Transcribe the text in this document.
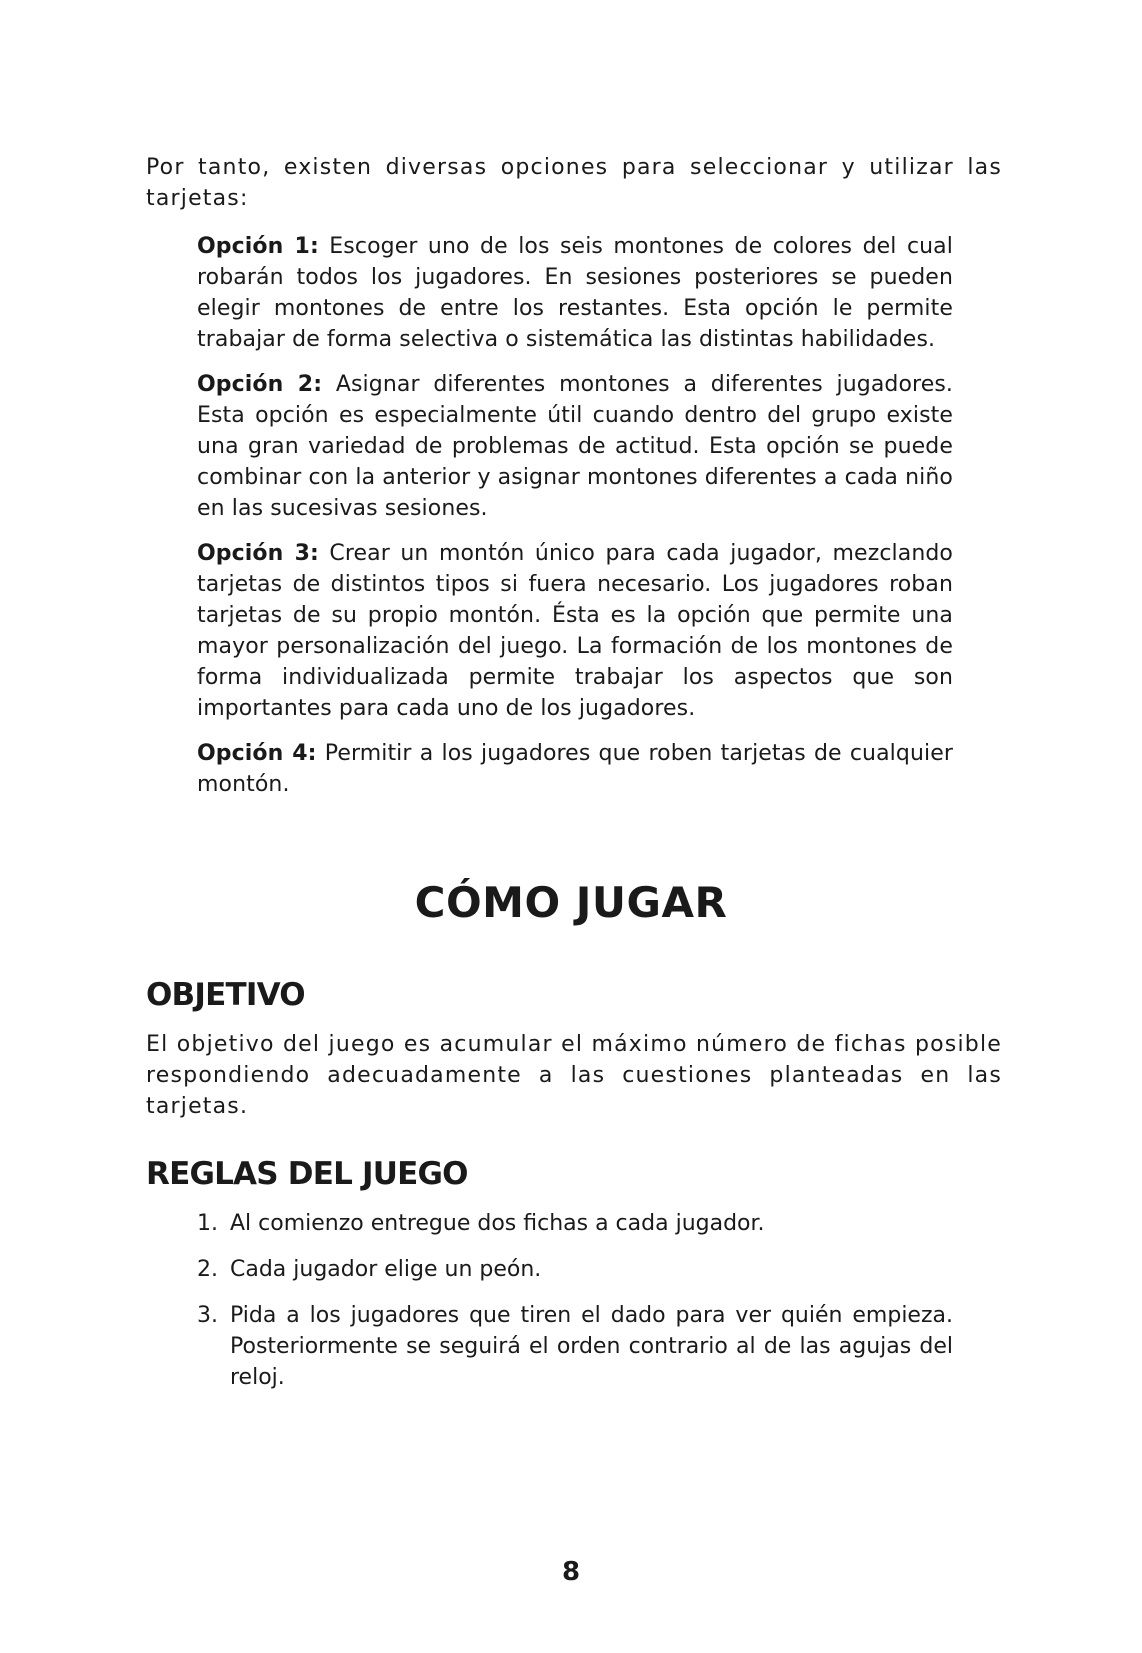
Por tanto, existen diversas opciones para seleccionar y utilizar las tarjetas:

Opción 1: Escoger uno de los seis montones de colores del cual robarán todos los jugadores. En sesiones posteriores se pueden elegir montones de entre los restantes. Esta opción le permite trabajar de forma selectiva o sistemática las distintas habilidades.

Opción 2: Asignar diferentes montones a diferentes jugadores. Esta opción es especialmente útil cuando dentro del grupo existe una gran variedad de problemas de actitud. Esta opción se puede combinar con la anterior y asignar montones diferentes a cada niño en las sucesivas sesiones.

Opción 3: Crear un montón único para cada jugador, mezclando tarjetas de distintos tipos si fuera necesario. Los jugadores roban tarjetas de su propio montón. Ésta es la opción que permite una mayor personalización del juego. La formación de los montones de forma individualizada permite trabajar los aspectos que son importantes para cada uno de los jugadores.

Opción 4: Permitir a los jugadores que roben tarjetas de cualquier montón.

CÓMO JUGAR
OBJETIVO

El objetivo del juego es acumular el máximo número de fichas posible respondiendo adecuadamente a las cuestiones planteadas en las tarjetas.

REGLAS DEL JUEGO
1. Al comienzo entregue dos fichas a cada jugador.
2. Cada jugador elige un peón.
3. Pida a los jugadores que tiren el dado para ver quién empieza. Posteriormente se seguirá el orden contrario al de las agujas del reloj.

8
